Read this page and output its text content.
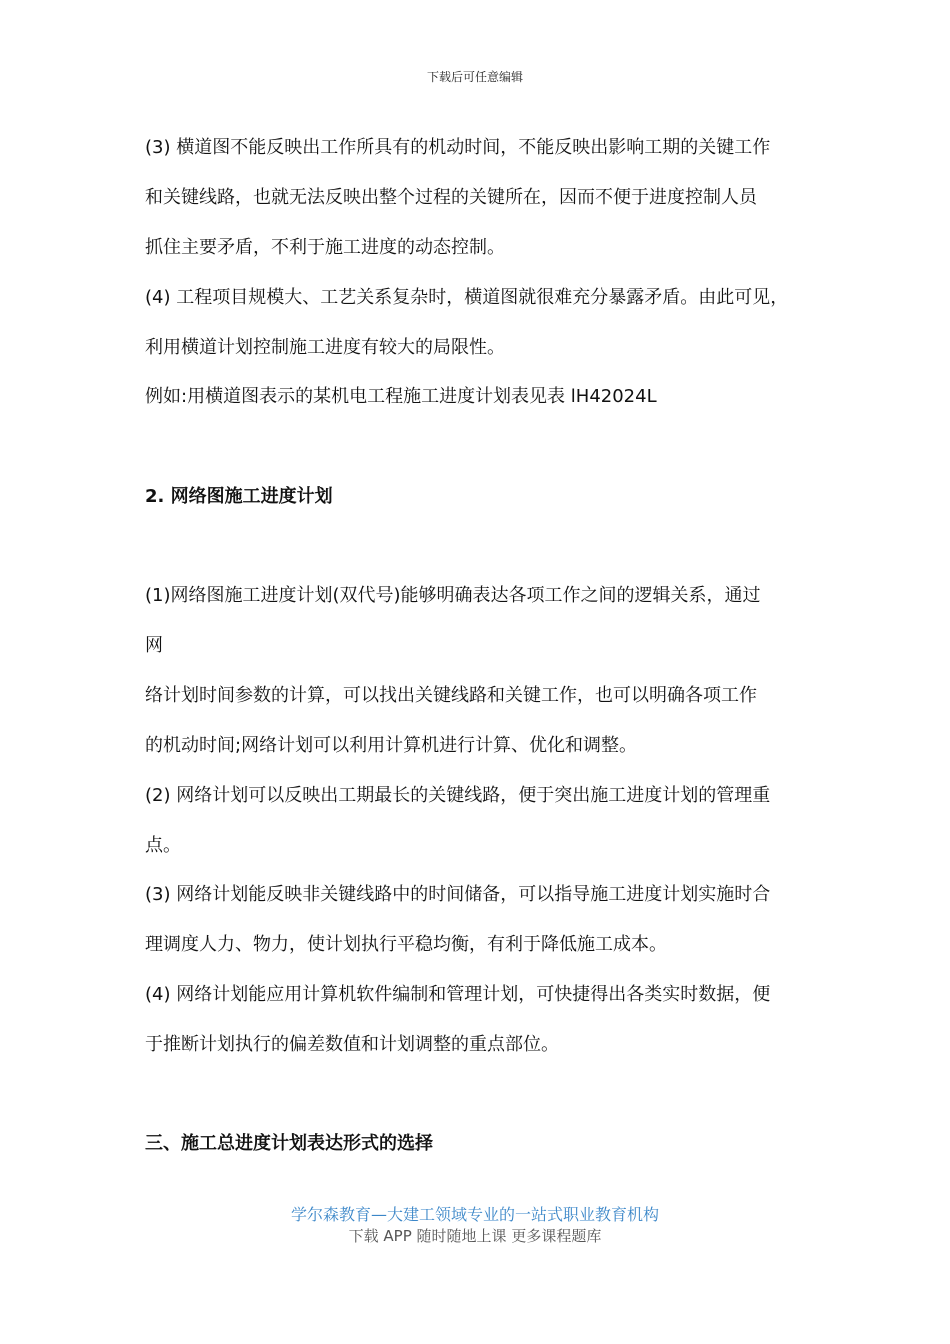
下载后可任意编辑
(3) 横道图不能反映出工作所具有的机动时间，不能反映出影响工期的关键工作
和关键线路，也就无法反映出整个过程的关键所在，因而不便于进度控制人员
抓住主要矛盾，不利于施工进度的动态控制。
(4) 工程项目规模大、工艺关系复杂时，横道图就很难充分暴露矛盾。由此可见，
利用横道计划控制施工进度有较大的局限性。
例如:用横道图表示的某机电工程施工进度计划表见表 lH42024L
2. 网络图施工进度计划
(1)网络图施工进度计划(双代号)能够明确表达各项工作之间的逻辑关系，通过
网
络计划时间参数的计算，可以找出关键线路和关键工作，也可以明确各项工作
的机动时间;网络计划可以利用计算机进行计算、优化和调整。
(2) 网络计划可以反映出工期最长的关键线路，便于突出施工进度计划的管理重
点。
(3) 网络计划能反映非关键线路中的时间储备，可以指导施工进度计划实施时合
理调度人力、物力，使计划执行平稳均衡，有利于降低施工成本。
(4) 网络计划能应用计算机软件编制和管理计划，可快捷得出各类实时数据，便
于推断计划执行的偏差数值和计划调整的重点部位。
三、施工总进度计划表达形式的选择
学尔森教育—大建工领域专业的一站式职业教育机构
下载 APP 随时随地上课 更多课程题库
